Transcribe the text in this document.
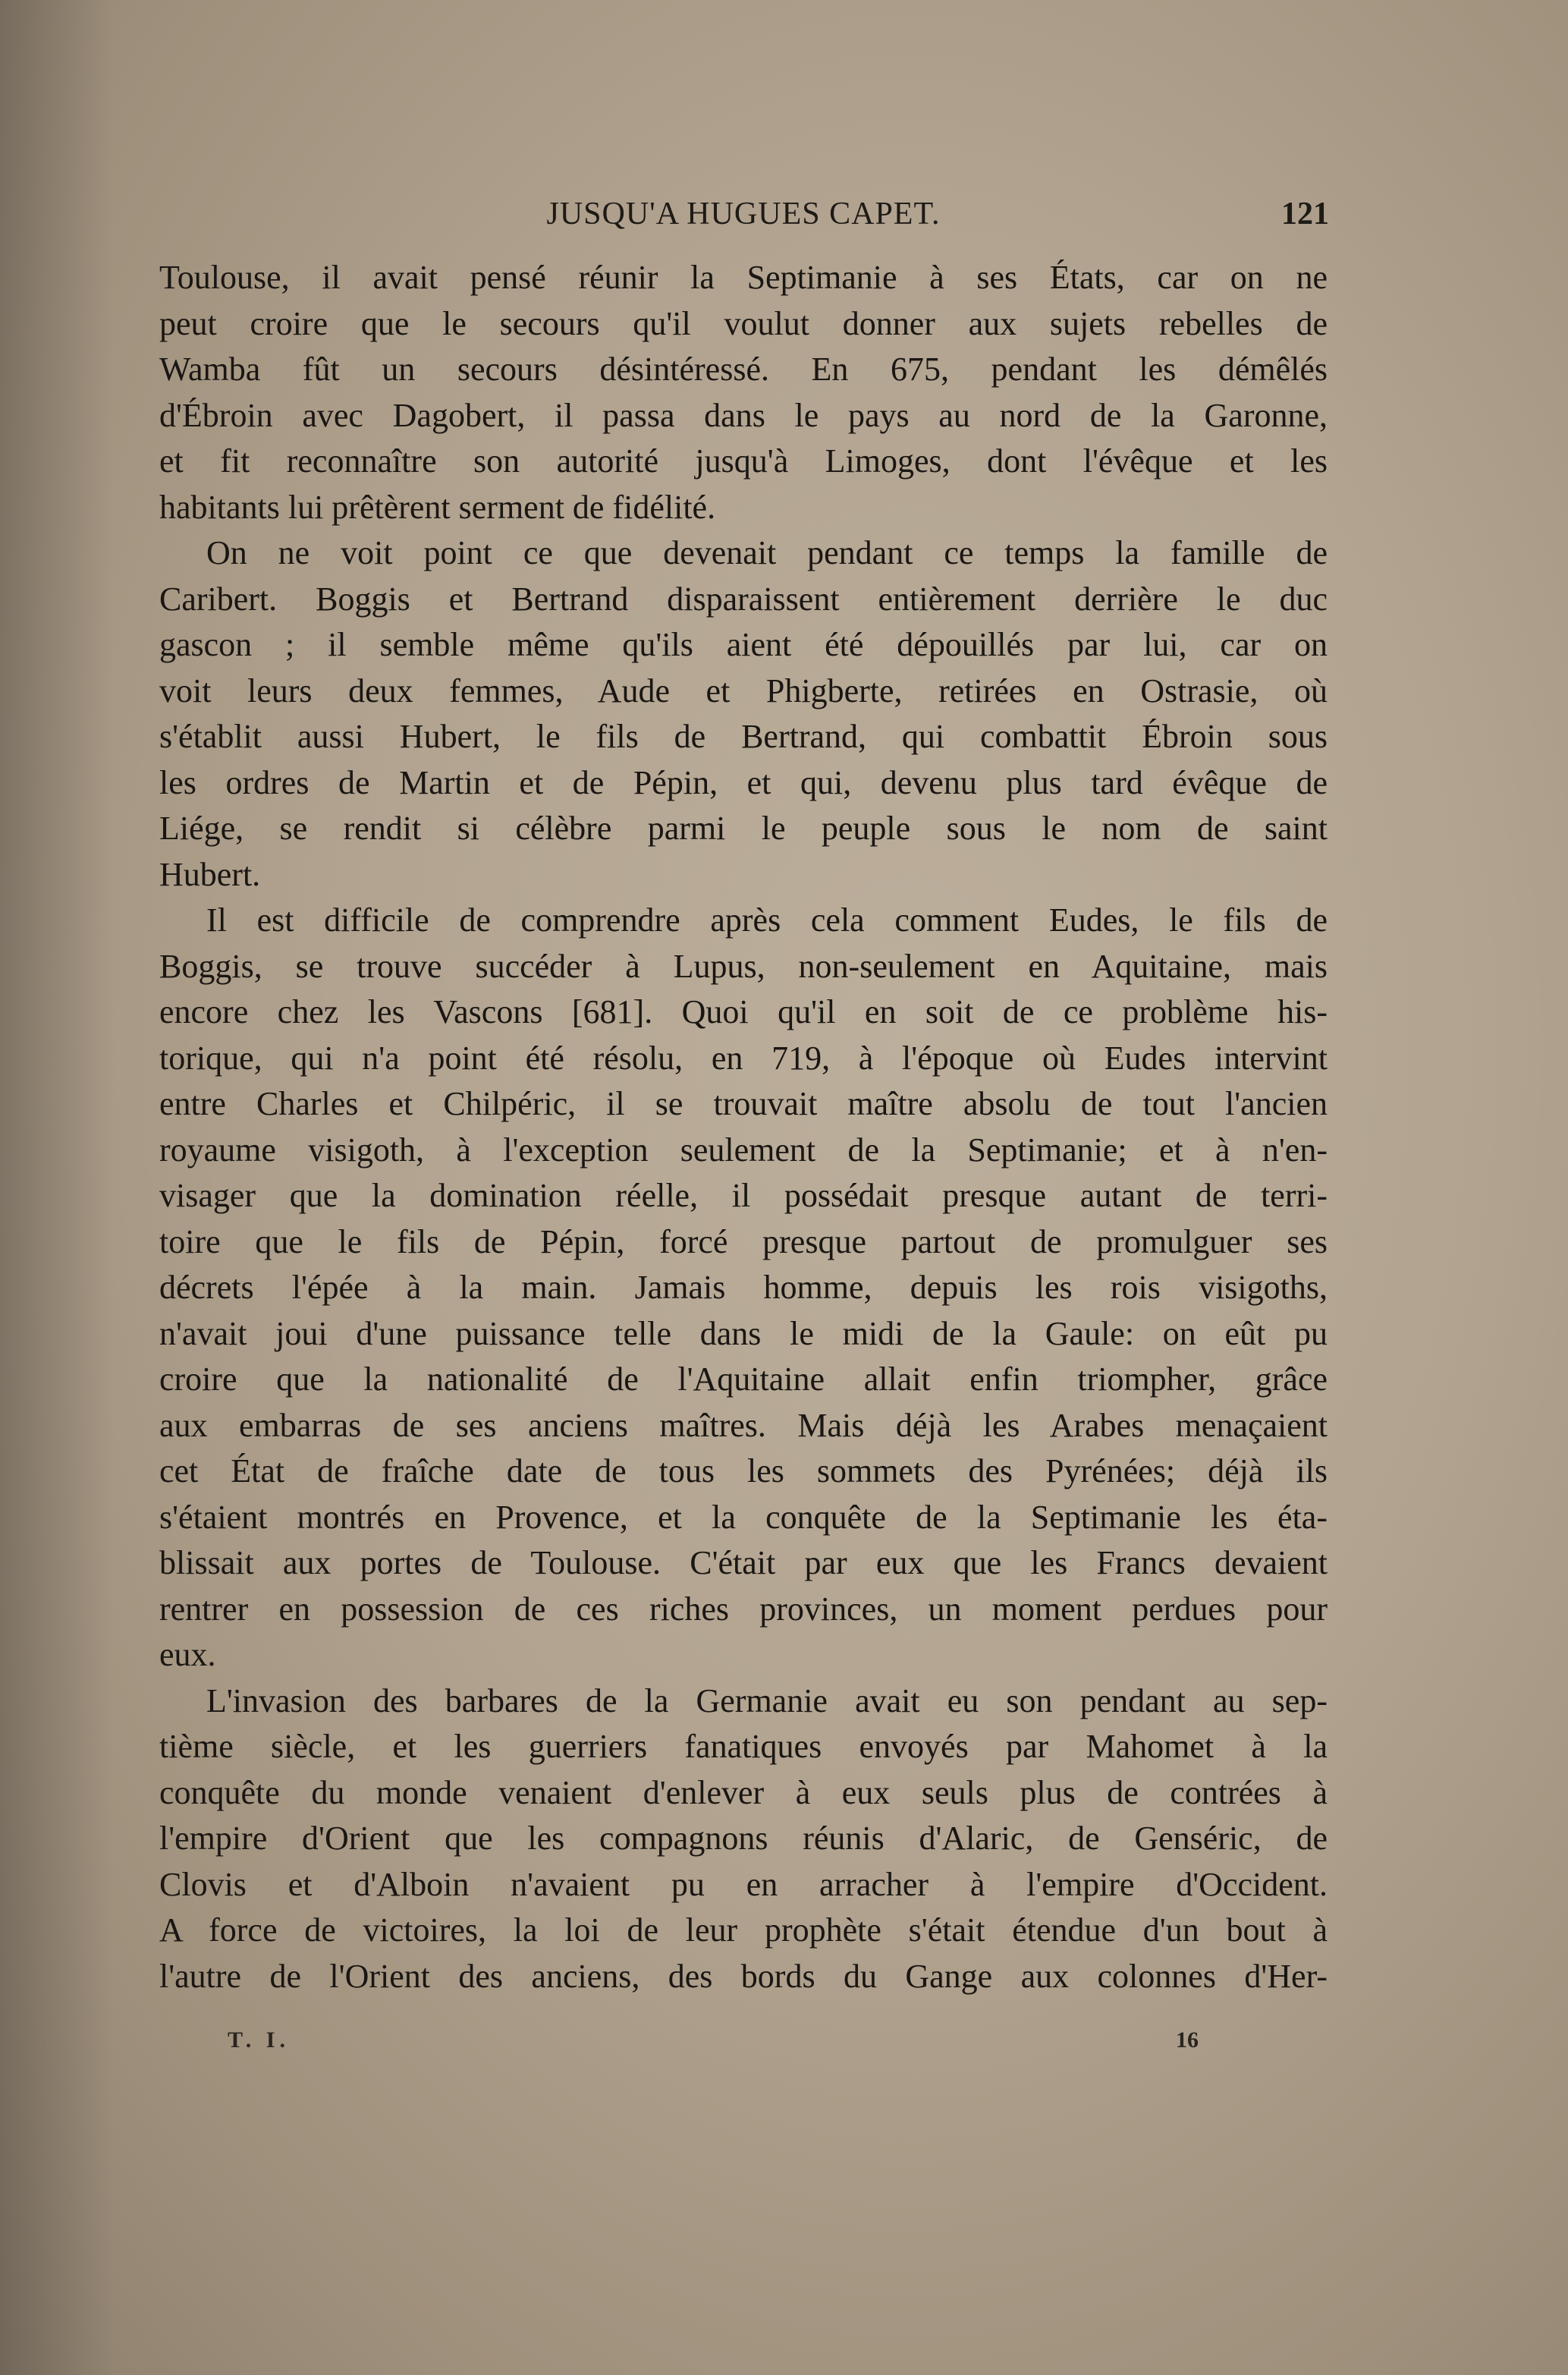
JUSQU'A HUGUES CAPET.	121
Toulouse, il avait pensé réunir la Septimanie à ses États, car on ne
peut croire que le secours qu'il voulut donner aux sujets rebelles de
Wamba fût un secours désintéressé. En 675, pendant les démêlés
d'Ébroin avec Dagobert, il passa dans le pays au nord de la Garonne,
et fit reconnaître son autorité jusqu'à Limoges, dont l'évêque et les
habitants lui prêtèrent serment de fidélité.
On ne voit point ce que devenait pendant ce temps la famille de
Caribert. Boggis et Bertrand disparaissent entièrement derrière le duc
gascon ; il semble même qu'ils aient été dépouillés par lui, car on
voit leurs deux femmes, Aude et Phigberte, retirées en Ostrasie, où
s'établit aussi Hubert, le fils de Bertrand, qui combattit Ébroin sous
les ordres de Martin et de Pépin, et qui, devenu plus tard évêque de
Liége, se rendit si célèbre parmi le peuple sous le nom de saint
Hubert.
Il est difficile de comprendre après cela comment Eudes, le fils de
Boggis, se trouve succéder à Lupus, non-seulement en Aquitaine, mais
encore chez les Vascons [681]. Quoi qu'il en soit de ce problème his-
torique, qui n'a point été résolu, en 719, à l'époque où Eudes intervint
entre Charles et Chilpéric, il se trouvait maître absolu de tout l'ancien
royaume visigoth, à l'exception seulement de la Septimanie; et à n'en-
visager que la domination réelle, il possédait presque autant de terri-
toire que le fils de Pépin, forcé presque partout de promulguer ses
décrets l'épée à la main. Jamais homme, depuis les rois visigoths,
n'avait joui d'une puissance telle dans le midi de la Gaule: on eût pu
croire que la nationalité de l'Aquitaine allait enfin triompher, grâce
aux embarras de ses anciens maîtres. Mais déjà les Arabes menaçaient
cet État de fraîche date de tous les sommets des Pyrénées; déjà ils
s'étaient montrés en Provence, et la conquête de la Septimanie les éta-
blissait aux portes de Toulouse. C'était par eux que les Francs devaient
rentrer en possession de ces riches provinces, un moment perdues pour
eux.
L'invasion des barbares de la Germanie avait eu son pendant au sep-
tième siècle, et les guerriers fanatiques envoyés par Mahomet à la
conquête du monde venaient d'enlever à eux seuls plus de contrées à
l'empire d'Orient que les compagnons réunis d'Alaric, de Genséric, de
Clovis et d'Alboin n'avaient pu en arracher à l'empire d'Occident.
A force de victoires, la loi de leur prophète s'était étendue d'un bout à
l'autre de l'Orient des anciens, des bords du Gange aux colonnes d'Her-
T. I.	16
